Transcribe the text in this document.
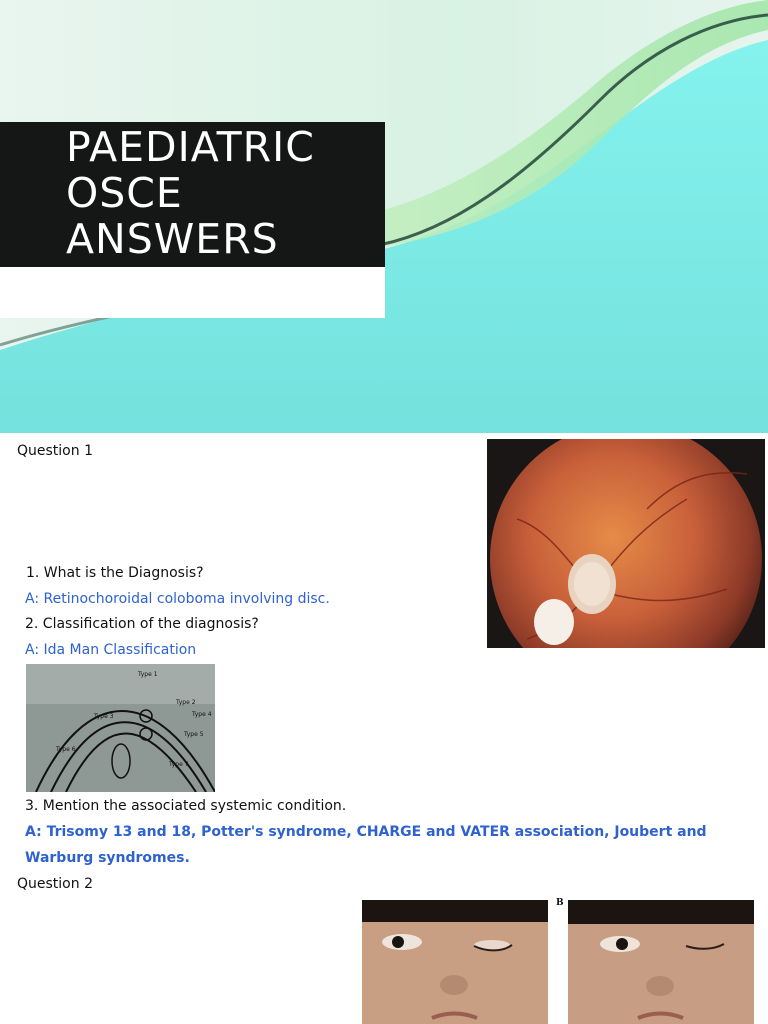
PAEDIATRIC
OSCE
ANSWERS
Question 1
1. What is the Diagnosis?
A: Retinochoroidal coloboma involving disc.
2. Classification of the diagnosis?
A: Ida Man Classification
Type 1
Type 2
Type 3	Type 4
Type 5
Type 6
Type 7
3. Mention the associated systemic condition.
A: Trisomy 13 and 18, Potter's syndrome, CHARGE and VATER association, Joubert and Warburg syndromes.
Question 2
B
